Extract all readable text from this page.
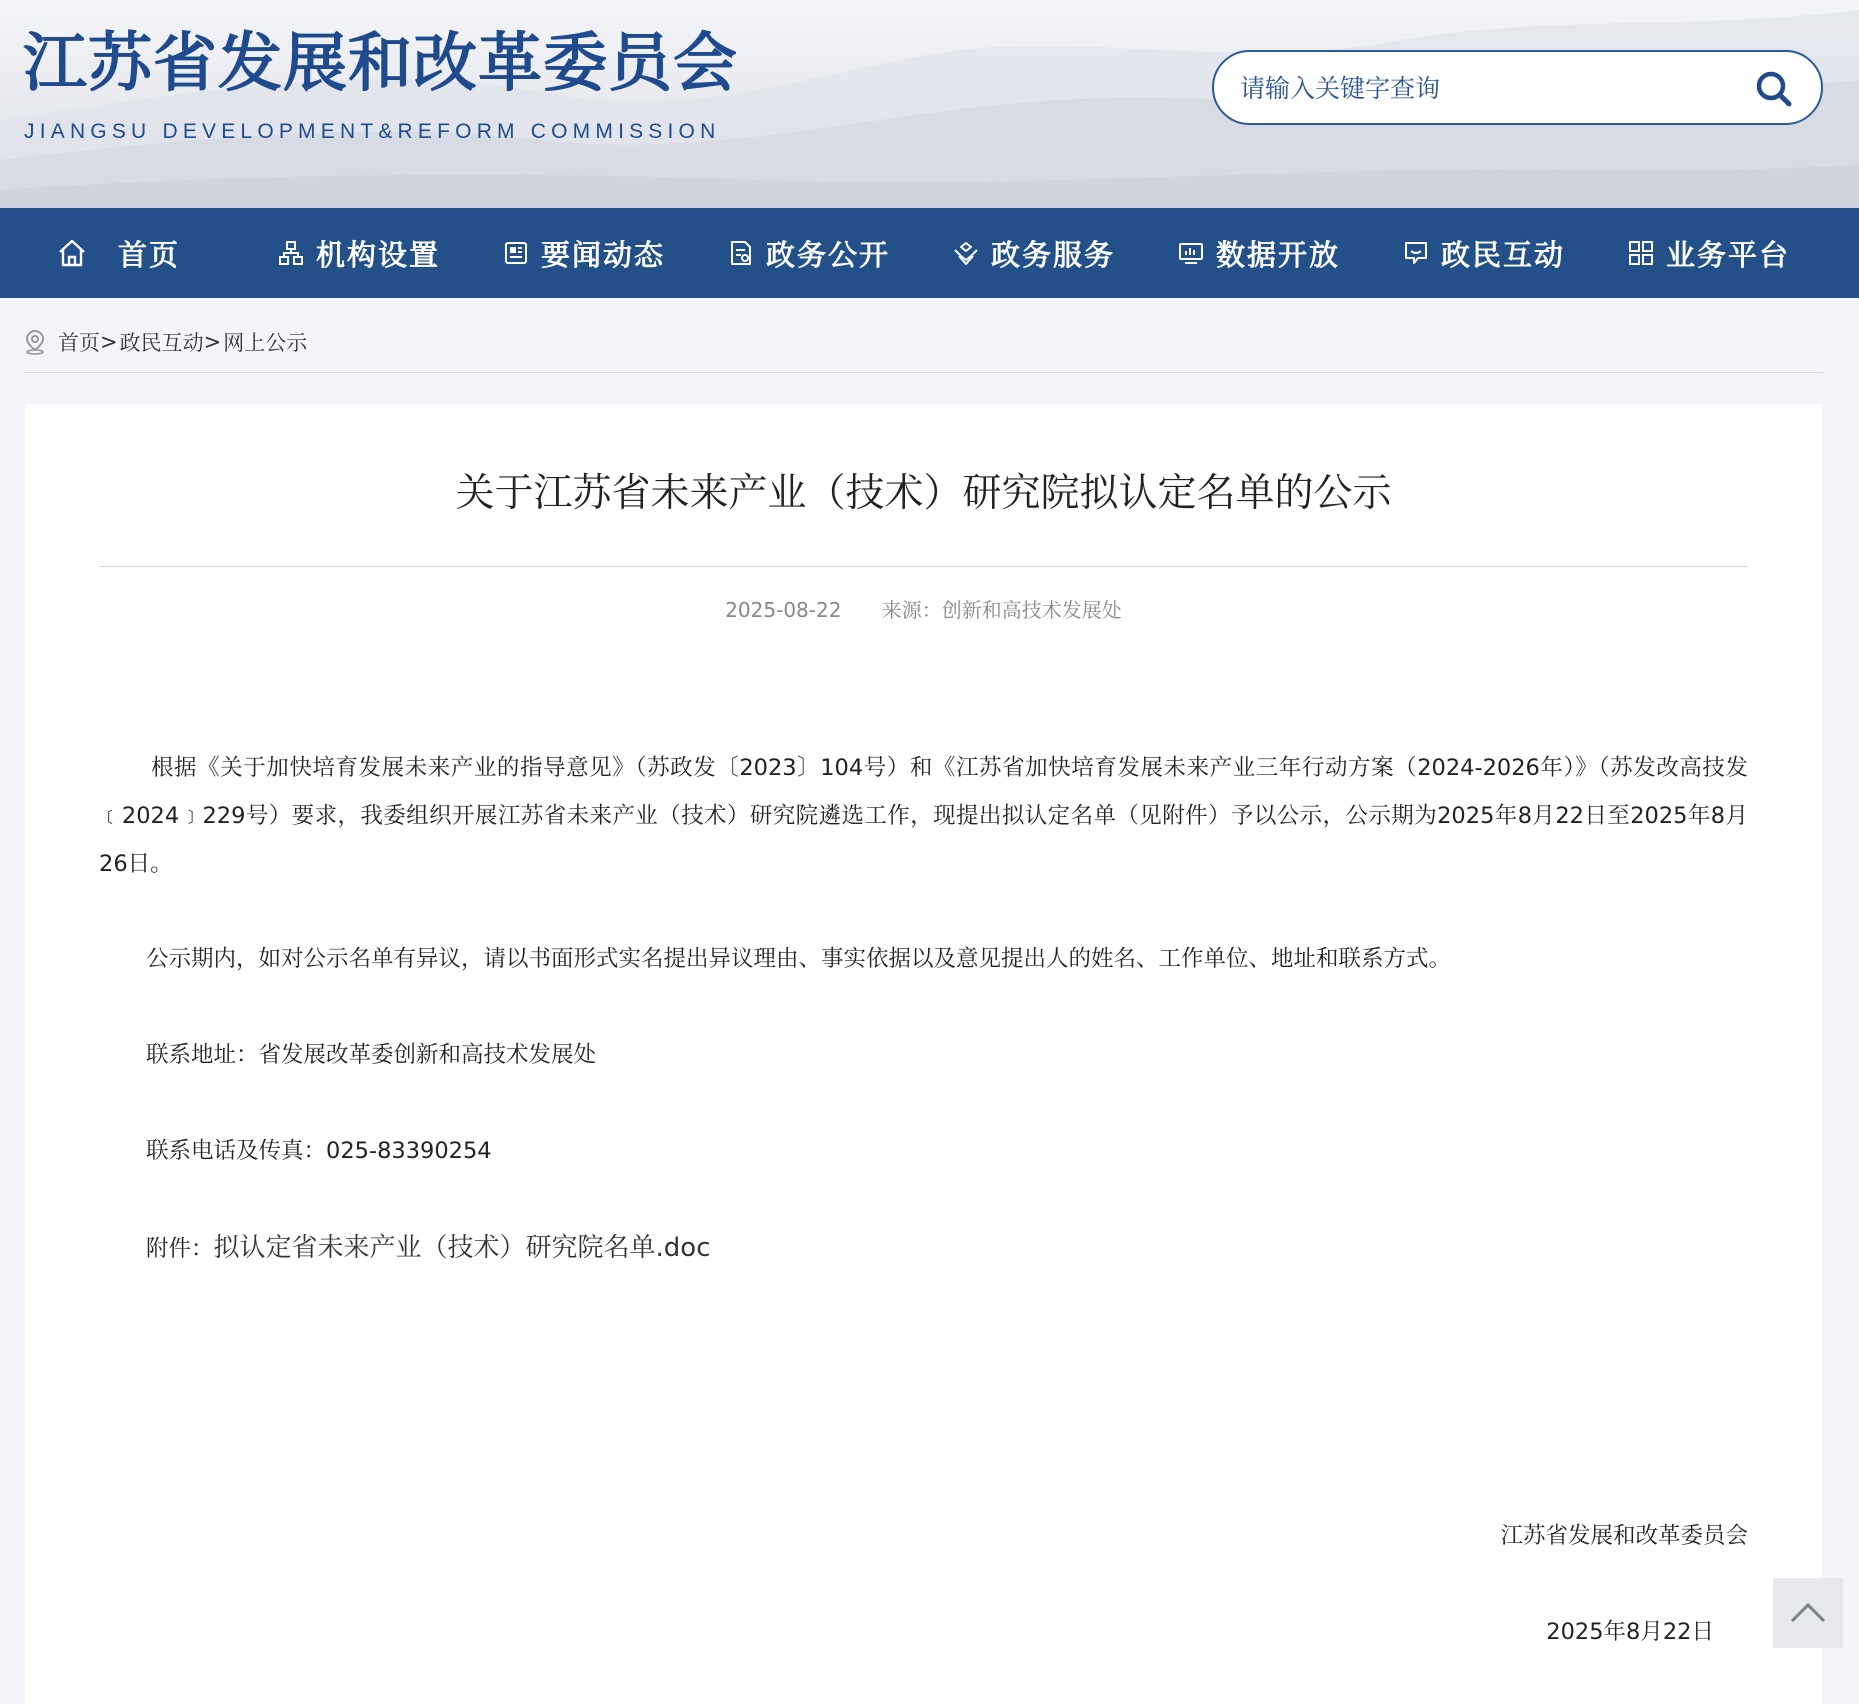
江苏省发展和改革委员会
JIANGSU DEVELOPMENT&REFORM COMMISSION
请输入关键字查询
首页	机构设置	要闻动态	政务公开	政务服务	数据开放	政民互动	业务平台
首页 > 政民互动 > 网上公示
关于江苏省未来产业（技术）研究院拟认定名单的公示
2025-08-22 来源：创新和高技术发展处
根据《关于加快培育发展未来产业的指导意见》（苏政发〔2023〕104号）和《江苏省加快培育发展未来产业三年行动方案（2024-2026年）》（苏发改高技发﹝2024﹞229号）要求，我委组织开展江苏省未来产业（技术）研究院遴选工作，现提出拟认定名单（见附件）予以公示，公示期为2025年8月22日至2025年8月26日。
公示期内，如对公示名单有异议，请以书面形式实名提出异议理由、事实依据以及意见提出人的姓名、工作单位、地址和联系方式。
联系地址：省发展改革委创新和高技术发展处
联系电话及传真：025-83390254
附件：拟认定省未来产业（技术）研究院名单.doc
江苏省发展和改革委员会
2025年8月22日
